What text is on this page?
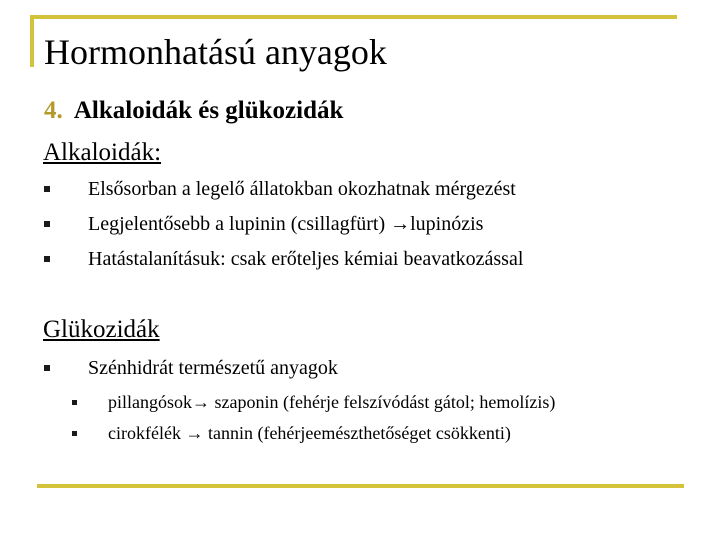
Hormonhatású anyagok
4. Alkaloidák és glükozidák
Alkaloidák:
Elsősorban a legelő állatokban okozhatnak mérgezést
Legjelentősebb a lupinin (csillagfürt) →lupinózis
Hatástalanításuk: csak erőteljes kémiai beavatkozással
Glükozidák
Szénhidrát természetű anyagok
pillangósok→ szaponin (fehérje felszívódást gátol; hemolízis)
cirokfélék → tannin (fehérjeemészthetőséget csökkenti)
